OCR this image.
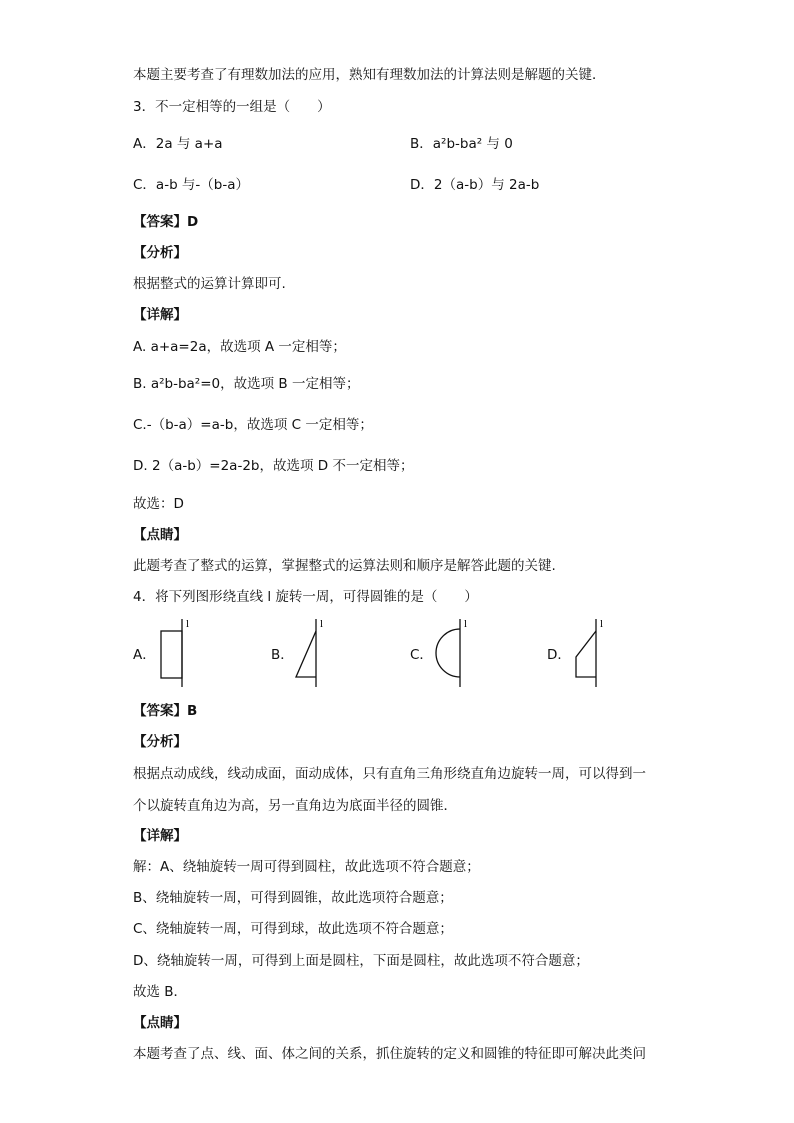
本题主要考查了有理数加法的应用，熟知有理数加法的计算法则是解题的关键．
3．不一定相等的一组是（　　）
A．2a 与 a+a	B．a²b-ba² 与 0
C．a-b 与-（b-a）	D．2（a-b）与 2a-b
【答案】D
【分析】
根据整式的运算计算即可.
【详解】
A. a+a=2a，故选项 A 一定相等；
B. a²b-ba²=0，故选项 B 一定相等；
C.-（b-a）=a-b，故选项 C 一定相等；
D. 2（a-b）=2a-2b，故选项 D 不一定相等；
故选：D
【点睛】
此题考查了整式的运算，掌握整式的运算法则和顺序是解答此题的关键.
4．将下列图形绕直线 l 旋转一周，可得圆锥的是（　　）
A．
l
B．
l
C．
l
D．
l
【答案】B
【分析】
根据点动成线，线动成面，面动成体，只有直角三角形绕直角边旋转一周，可以得到一
个以旋转直角边为高，另一直角边为底面半径的圆锥．
【详解】
解：A、绕轴旋转一周可得到圆柱，故此选项不符合题意；
B、绕轴旋转一周，可得到圆锥，故此选项符合题意；
C、绕轴旋转一周，可得到球，故此选项不符合题意；
D、绕轴旋转一周，可得到上面是圆柱，下面是圆柱，故此选项不符合题意；
故选 B．
【点睛】
本题考查了点、线、面、体之间的关系，抓住旋转的定义和圆锥的特征即可解决此类问
